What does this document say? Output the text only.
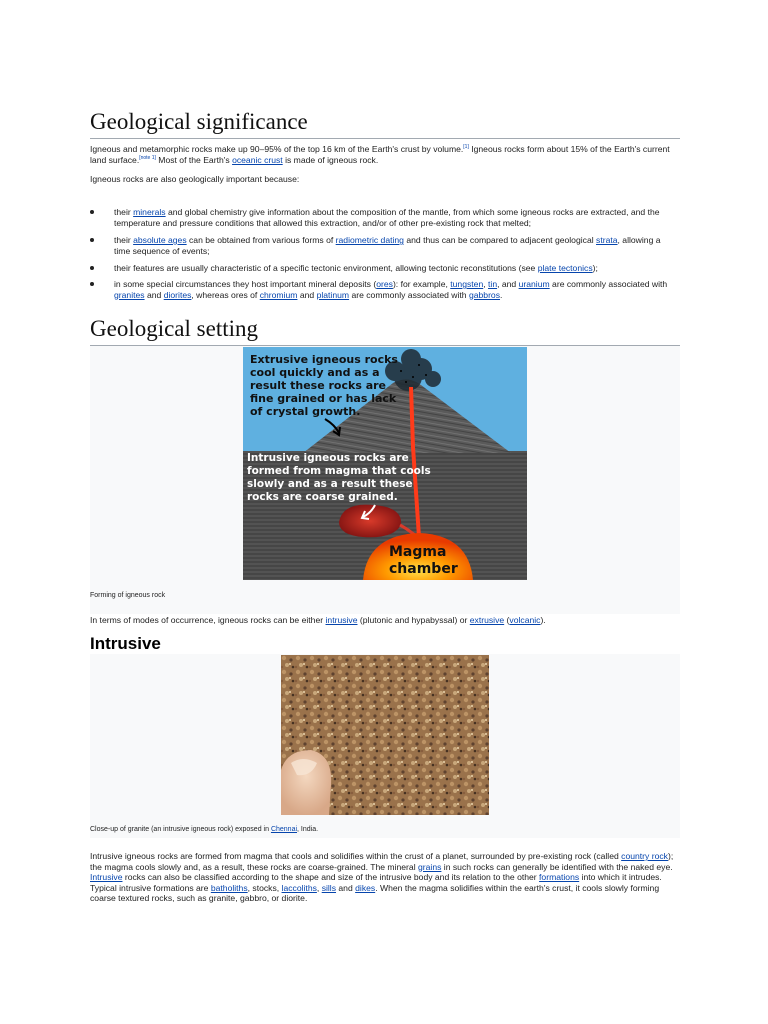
Geological significance
Igneous and metamorphic rocks make up 90–95% of the top 16 km of the Earth's crust by volume.[1] Igneous rocks form about 15% of the Earth's current land surface.[note 1] Most of the Earth's oceanic crust is made of igneous rock.
Igneous rocks are also geologically important because:
their minerals and global chemistry give information about the composition of the mantle, from which some igneous rocks are extracted, and the temperature and pressure conditions that allowed this extraction, and/or of other pre-existing rock that melted;
their absolute ages can be obtained from various forms of radiometric dating and thus can be compared to adjacent geological strata, allowing a time sequence of events;
their features are usually characteristic of a specific tectonic environment, allowing tectonic reconstitutions (see plate tectonics);
in some special circumstances they host important mineral deposits (ores): for example, tungsten, tin, and uranium are commonly associated with granites and diorites, whereas ores of chromium and platinum are commonly associated with gabbros.
Geological setting
Forming of igneous rock
Extrusive igneous rocks
cool quickly and as a
result these rocks are
fine grained or has lack
of crystal growth.
Intrusive igneous rocks are
formed from magma that cools
slowly and as a result these
rocks are coarse grained.
Magma
chamber
In terms of modes of occurrence, igneous rocks can be either intrusive (plutonic and hypabyssal) or extrusive (volcanic).
Intrusive
Close-up of granite (an intrusive igneous rock) exposed in Chennai, India.
Intrusive igneous rocks are formed from magma that cools and solidifies within the crust of a planet, surrounded by pre-existing rock (called country rock); the magma cools slowly and, as a result, these rocks are coarse-grained. The mineral grains in such rocks can generally be identified with the naked eye. Intrusive rocks can also be classified according to the shape and size of the intrusive body and its relation to the other formations into which it intrudes. Typical intrusive formations are batholiths, stocks, laccoliths, sills and dikes. When the magma solidifies within the earth's crust, it cools slowly forming coarse textured rocks, such as granite, gabbro, or diorite.
